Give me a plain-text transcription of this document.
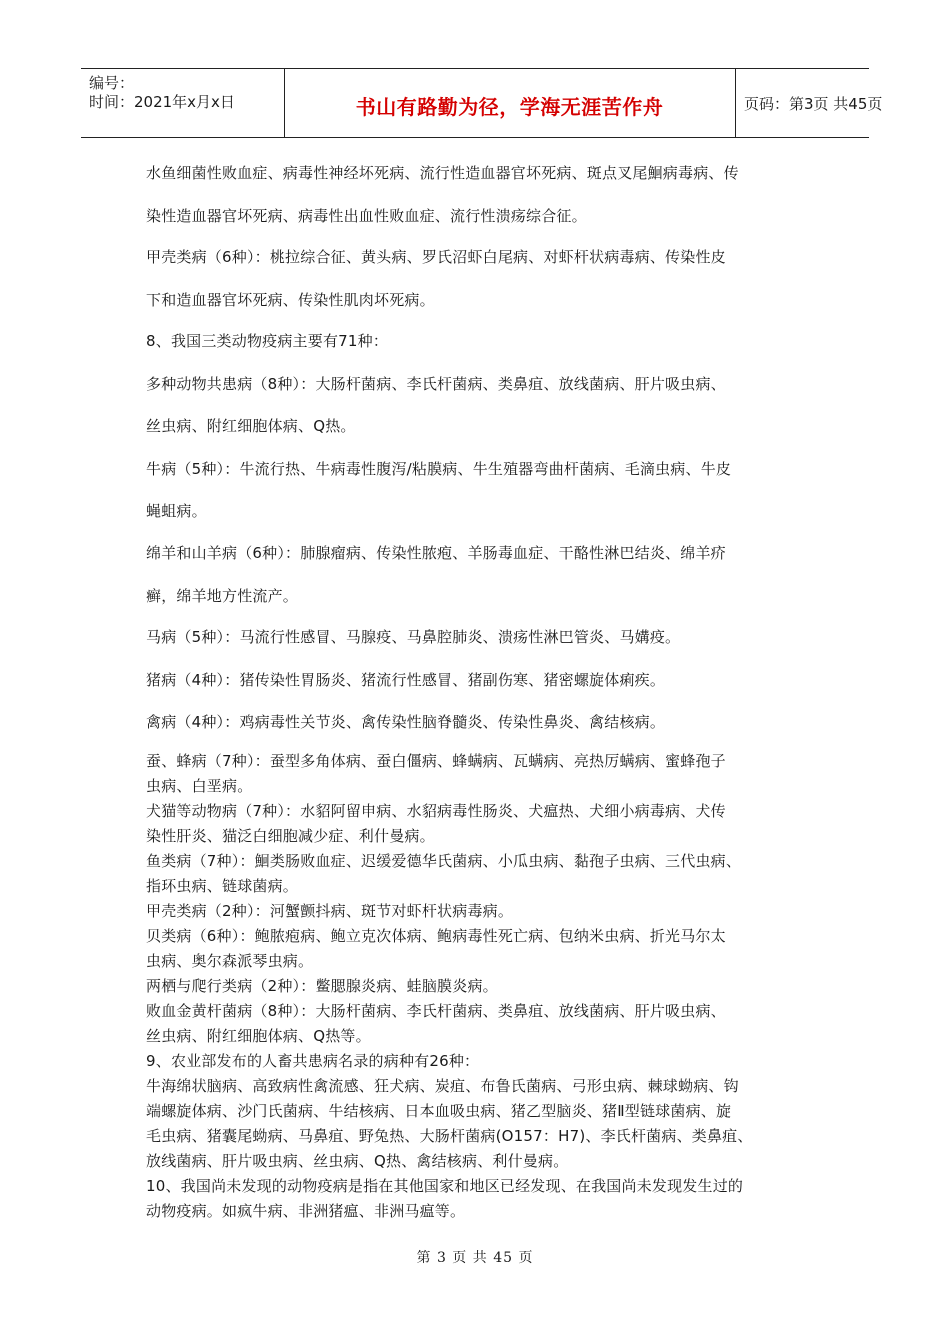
编号：
时间：2021年x月x日	书山有路勤为径，学海无涯苦作舟	页码：第3页 共45页
水鱼细菌性败血症、病毒性神经坏死病、流行性造血器官坏死病、斑点叉尾鮰病毒病、传
染性造血器官坏死病、病毒性出血性败血症、流行性溃疡综合征。
甲壳类病（6种）：桃拉综合征、黄头病、罗氏沼虾白尾病、对虾杆状病毒病、传染性皮
下和造血器官坏死病、传染性肌肉坏死病。
8、我国三类动物疫病主要有71种：
多种动物共患病（8种）：大肠杆菌病、李氏杆菌病、类鼻疽、放线菌病、肝片吸虫病、
丝虫病、附红细胞体病、Q热。
牛病（5种）：牛流行热、牛病毒性腹泻/粘膜病、牛生殖器弯曲杆菌病、毛滴虫病、牛皮
蝇蛆病。
绵羊和山羊病（6种）：肺腺瘤病、传染性脓疱、羊肠毒血症、干酪性淋巴结炎、绵羊疥
癣，绵羊地方性流产。
马病（5种）：马流行性感冒、马腺疫、马鼻腔肺炎、溃疡性淋巴管炎、马媾疫。
猪病（4种）：猪传染性胃肠炎、猪流行性感冒、猪副伤寒、猪密螺旋体痢疾。
禽病（4种）：鸡病毒性关节炎、禽传染性脑脊髓炎、传染性鼻炎、禽结核病。
蚕、蜂病（7种）：蚕型多角体病、蚕白僵病、蜂螨病、瓦螨病、亮热厉螨病、蜜蜂孢子
虫病、白垩病。
犬猫等动物病（7种）：水貂阿留申病、水貂病毒性肠炎、犬瘟热、犬细小病毒病、犬传
染性肝炎、猫泛白细胞减少症、利什曼病。
鱼类病（7种）：鮰类肠败血症、迟缓爱德华氏菌病、小瓜虫病、黏孢子虫病、三代虫病、
指环虫病、链球菌病。
甲壳类病（2种）：河蟹颤抖病、斑节对虾杆状病毒病。
贝类病（6种）：鲍脓疱病、鲍立克次体病、鲍病毒性死亡病、包纳米虫病、折光马尔太
虫病、奥尔森派琴虫病。
两栖与爬行类病（2种）：鳖腮腺炎病、蛙脑膜炎病。
败血金黄杆菌病（8种）：大肠杆菌病、李氏杆菌病、类鼻疽、放线菌病、肝片吸虫病、
丝虫病、附红细胞体病、Q热等。
9、农业部发布的人畜共患病名录的病种有26种：
牛海绵状脑病、高致病性禽流感、狂犬病、炭疽、布鲁氏菌病、弓形虫病、棘球蚴病、钩
端螺旋体病、沙门氏菌病、牛结核病、日本血吸虫病、猪乙型脑炎、猪Ⅱ型链球菌病、旋
毛虫病、猪囊尾蚴病、马鼻疽、野兔热、大肠杆菌病(O157：H7)、李氏杆菌病、类鼻疽、
放线菌病、肝片吸虫病、丝虫病、Q热、禽结核病、利什曼病。
10、我国尚未发现的动物疫病是指在其他国家和地区已经发现、在我国尚未发现发生过的
动物疫病。如疯牛病、非洲猪瘟、非洲马瘟等。
第 3 页 共 45 页
